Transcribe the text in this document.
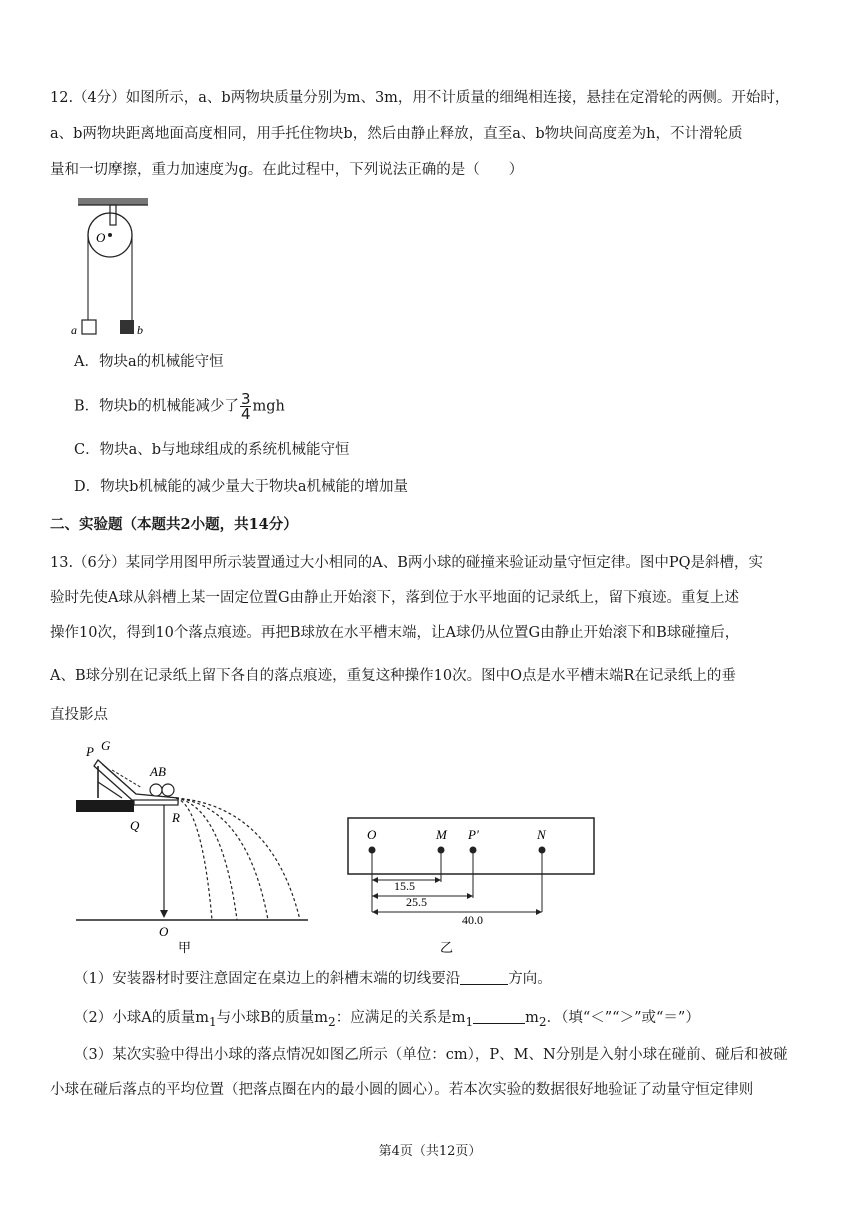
12.（4分）如图所示，a、b两物块质量分别为m、3m，用不计质量的细绳相连接，悬挂在定滑轮的两侧。开始时，
a、b两物块距离地面高度相同，用手托住物块b，然后由静止释放，直至a、b物块间高度差为h，不计滑轮质
量和一切摩擦，重力加速度为g。在此过程中，下列说法正确的是（　　）
O
a	b
A．物块a的机械能守恒
B．物块b的机械能减少了 $\frac{3}{4}$ mgh
C．物块a、b与地球组成的系统机械能守恒
D．物块b机械能的减少量大于物块a机械能的增加量
二、实验题（本题共2小题，共14分）
13.（6分）某同学用图甲所示装置通过大小相同的A、B两小球的碰撞来验证动量守恒定律。图中PQ是斜槽，实
验时先使A球从斜槽上某一固定位置G由静止开始滚下，落到位于水平地面的记录纸上，留下痕迹。重复上述
操作10次，得到10个落点痕迹。再把B球放在水平槽末端，让A球仍从位置G由静止开始滚下和B球碰撞后，
A、B球分别在记录纸上留下各自的落点痕迹，重复这种操作10次。图中O点是水平槽末端R在记录纸上的垂
直投影点
P G
AB
Q
R
O
甲
O	M P′	N
15.5
25.5
40.0
乙
（1）安装器材时要注意固定在桌边上的斜槽末端的切线要沿	方向。
（2）小球A的质量$m_1$与小球B的质量$m_2$：应满足的关系是$m_1$	$m_2$．（填“＜”“＞”或“＝”）
（3）某次实验中得出小球的落点情况如图乙所示（单位：cm），P、M、N分别是入射小球在碰前、碰后和被碰
小球在碰后落点的平均位置（把落点圈在内的最小圆的圆心）。若本次实验的数据很好地验证了动量守恒定律则
第4页（共12页）
